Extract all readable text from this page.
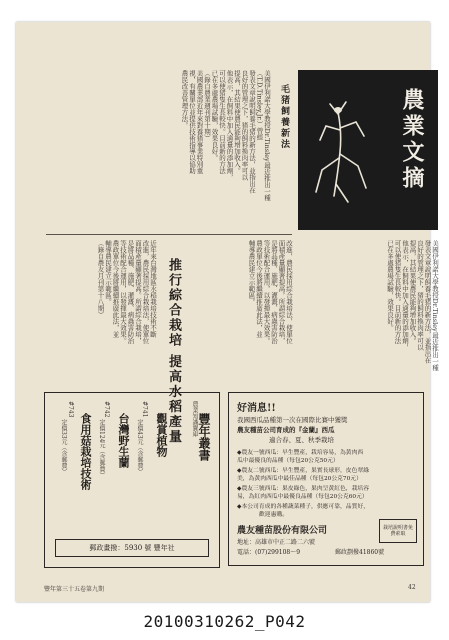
農業文摘
毛猪飼養新法
美國伊利諾大學教授Dr.Tinsley最近推出一種
（T.D.Tinsley,Jr.）曾經
發表文章說明飼養毛猪的新方法，並指出在
良好的管理之下，猪的飼料換肉率可以
提高，其結果使農民能夠增加收入。
他表示，在飼料中加入適量的添加劑，
可以使猪隻生長較快。目前新的方法
已在多處農場試驗，效果良好。
（錄自農業週刊第十期）
美國農業部近年來對養猪事業特別重
視，有關單位並提供技術指導以協助
農民改善管理方法。
美國伊利諾大學教授Dr.Tinsley最近推出一種
發表文章說明飼養毛猪的新方法，並指出在
良好的管理之下，猪的飼料換肉率可以
提高，其結果使農民能夠增加收入。
他表示，在飼料中加入適量的添加劑，
可以使猪隻生長較快。目前新的方法
已在多處農場試驗，效果良好。
推行綜合栽培 提高水稻產量
近年來台灣地區水稻栽培技術不斷
改進，農民採用綜合栽培法，使單位
面積產量顯著提高。所謂綜合栽培，
是將品種、施肥、灌溉、病蟲害防治
等技術配合運用，以發揮最大效果。
農政單位今後將繼續推廣此法，並
輔導農民建立示範區。
（錄自農友月刊第十八期）	改進，農民採用綜合栽培法，使單位
面積產量顯著提高。所謂綜合栽培，
是將品種、施肥、灌溉、病蟲害防治
等技術配合運用，以發揮最大效果。
農政單位今後將繼續推廣此法，並
輔導農民建立示範區。
農業知識寶庫 豐年叢書
#741
觀賞植物
定價43元（含郵費）
#742
台灣野生蘭
定價124元（含郵費）
#743
食用菇栽培技術
定價33元（含郵費）
郵政畫撥：5930 號 豐年社
好消息!!
我國西瓜品種第一次在國際比賽中獲獎
農友種苗公司育成的『金蘭』西瓜
適合春、夏、秋季栽培
◆農友一號西瓜：早生豐產，栽培容易，為黃肉西
瓜中最優良的品種（每包20公克50元）
◆農友二號西瓜：早生豐產，果實長球形，皮色翠綠
美，為黃肉西瓜中最佳品種（每包20公克70元）
◆農友三號西瓜：果皮綠色，果肉呈黃紅色，栽培容
易，為紅肉西瓜中最優良品種（每包20公克60元）
◆本公司育成的各種蔬菜種子，供應可靠，品質好，
歡迎惠購。
農友種苗股份有限公司
地址：高雄市中正二路二六號
電話：(07)299108～9	郵政劃撥41860號
栽培說明書免費索取
豐年第三十五卷第九期	42
20100310262_P042
